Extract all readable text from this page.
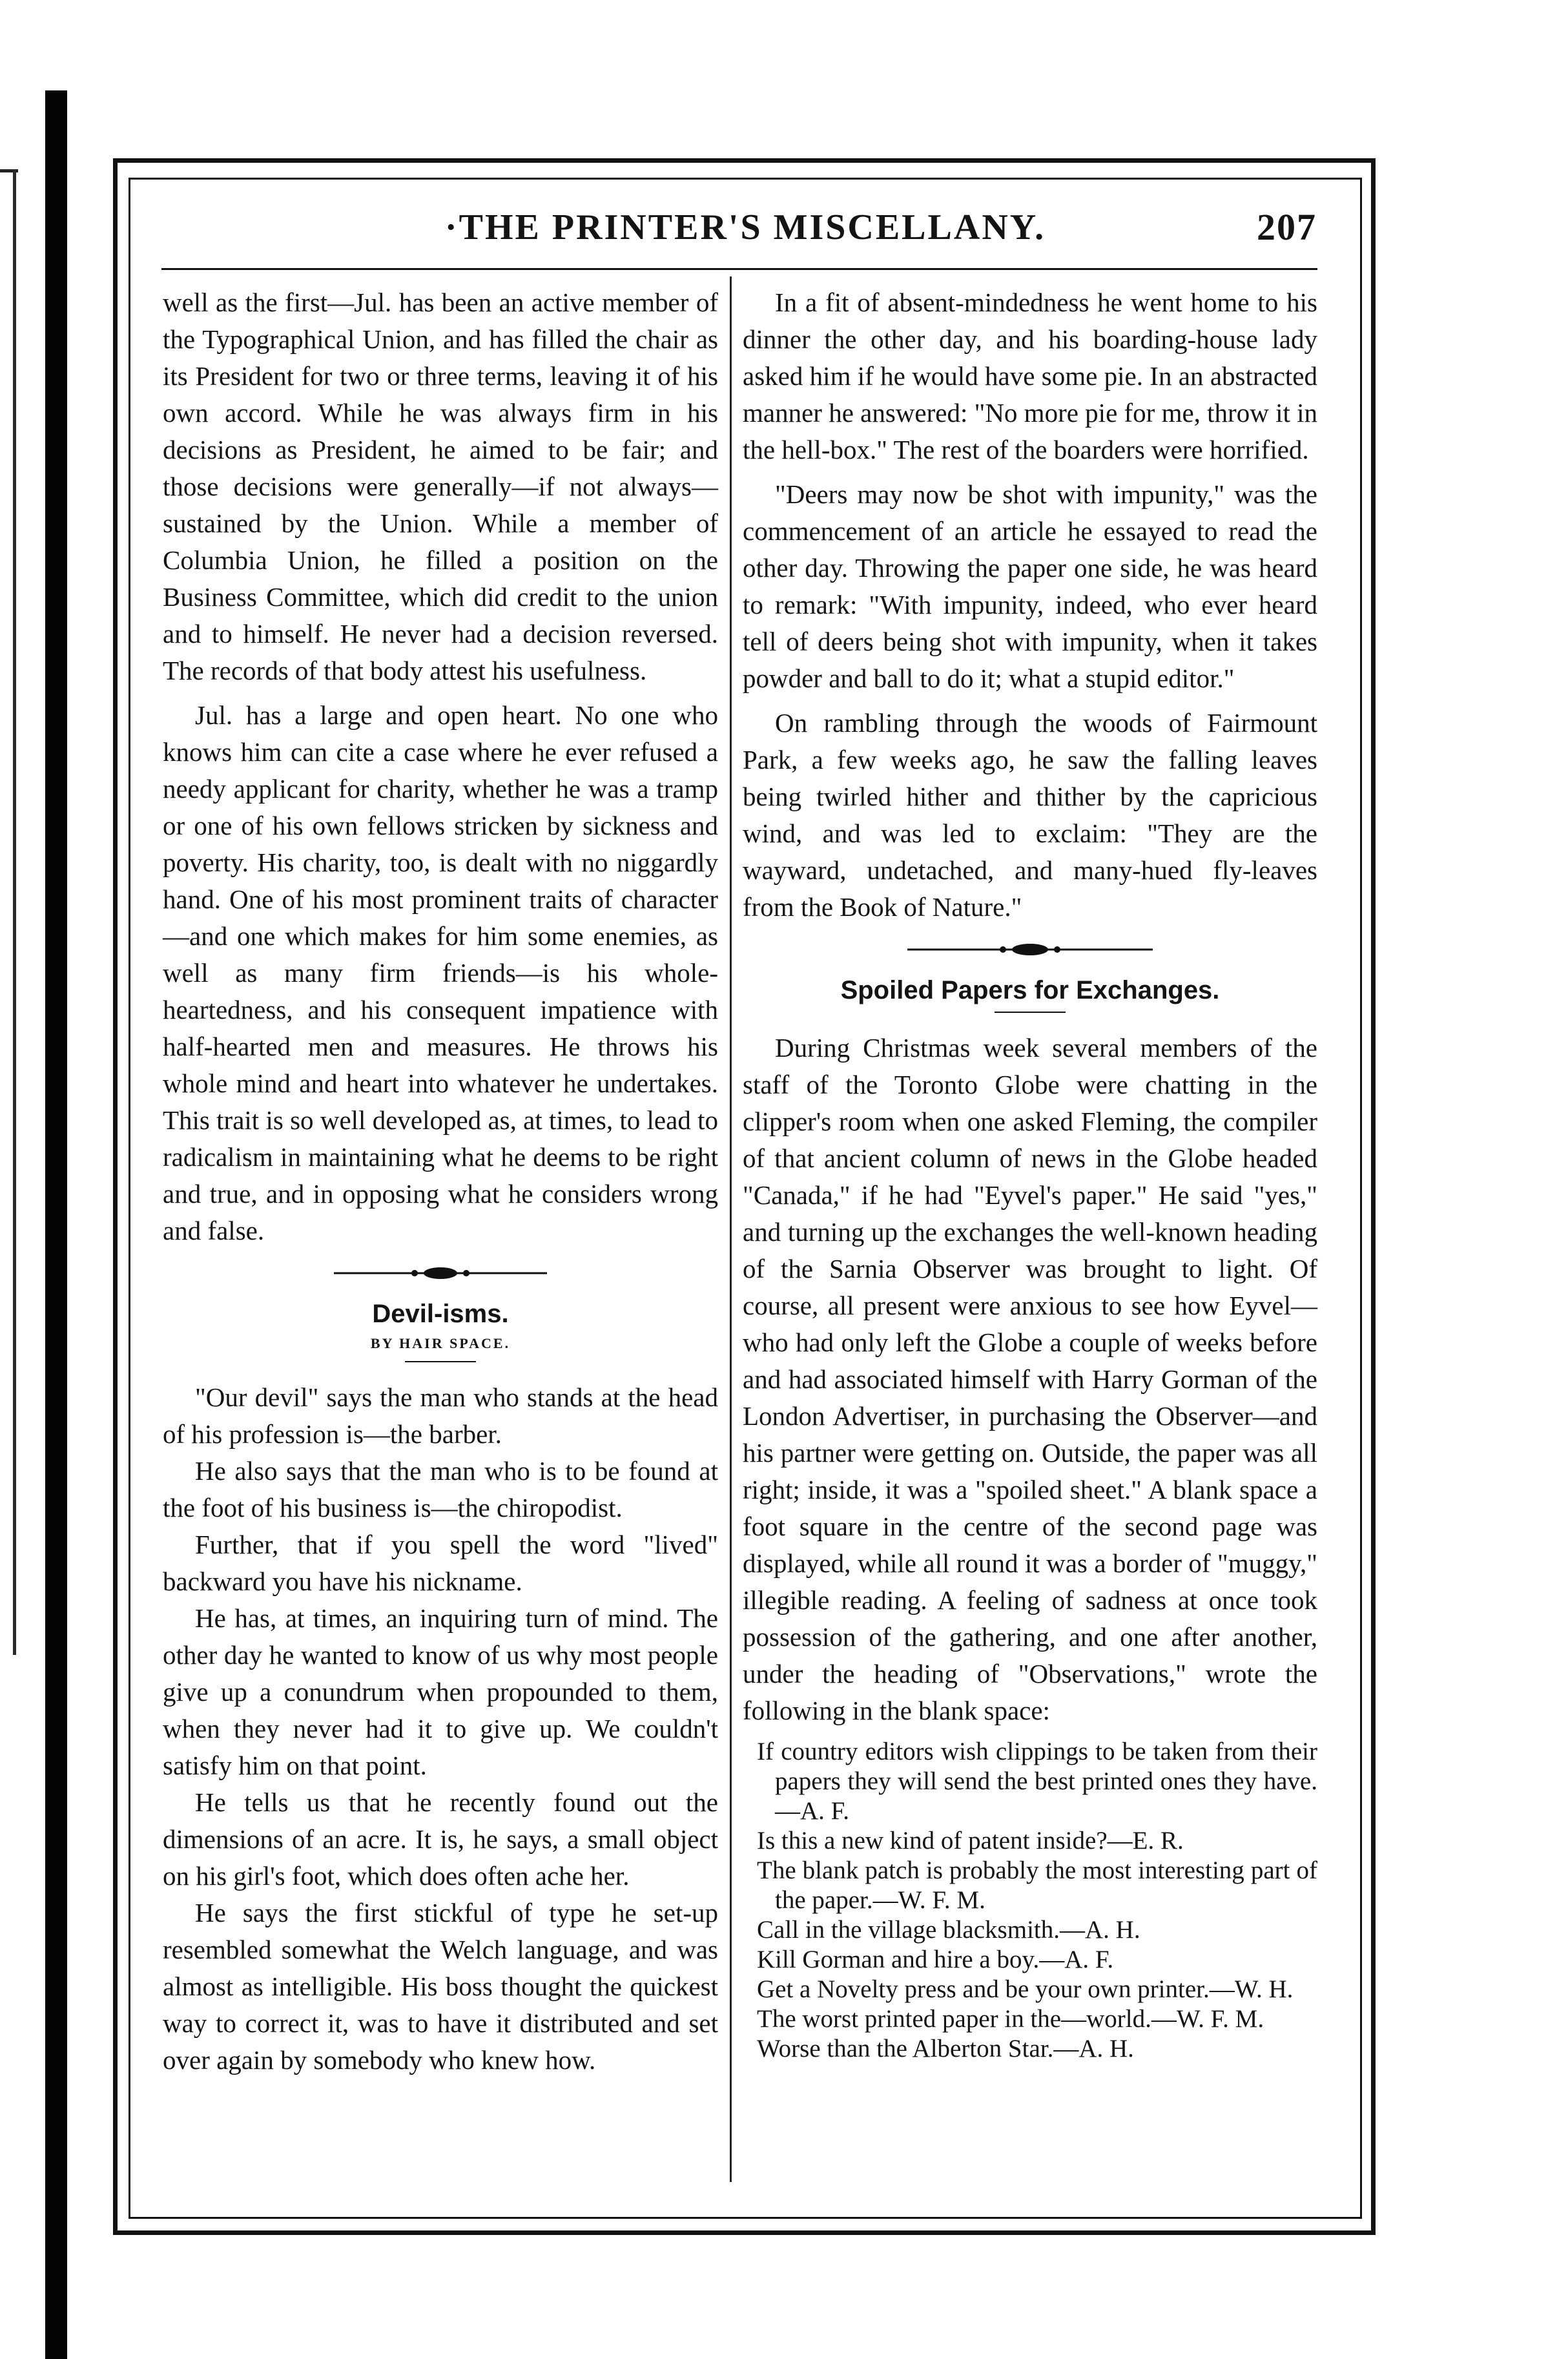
·THE PRINTER'S MISCELLANY.	207

well as the first—Jul. has been an active member of the Typographical Union, and has filled the chair as its President for two or three terms, leaving it of his own accord. While he was always firm in his decisions as President, he aimed to be fair; and those decisions were generally—if not always—sustained by the Union. While a member of Columbia Union, he filled a position on the Business Committee, which did credit to the union and to himself. He never had a decision reversed. The records of that body attest his usefulness.

Jul. has a large and open heart. No one who knows him can cite a case where he ever refused a needy applicant for charity, whether he was a tramp or one of his own fellows stricken by sickness and poverty. His charity, too, is dealt with no niggardly hand. One of his most prominent traits of character—and one which makes for him some enemies, as well as many firm friends—is his whole-heartedness, and his consequent impatience with half-hearted men and measures. He throws his whole mind and heart into whatever he undertakes. This trait is so well developed as, at times, to lead to radicalism in maintaining what he deems to be right and true, and in opposing what he considers wrong and false.

Devil-isms.
BY HAIR SPACE.

"Our devil" says the man who stands at the head of his profession is—the barber.

He also says that the man who is to be found at the foot of his business is—the chiropodist.

Further, that if you spell the word "lived" backward you have his nickname.

He has, at times, an inquiring turn of mind. The other day he wanted to know of us why most people give up a conundrum when propounded to them, when they never had it to give up. We couldn't satisfy him on that point.

He tells us that he recently found out the dimensions of an acre. It is, he says, a small object on his girl's foot, which does often ache her.

He says the first stickful of type he set-up resembled somewhat the Welch language, and was almost as intelligible. His boss thought the quickest way to correct it, was to have it distributed and set over again by somebody who knew how.

In a fit of absent-mindedness he went home to his dinner the other day, and his boarding-house lady asked him if he would have some pie. In an abstracted manner he answered: "No more pie for me, throw it in the hell-box." The rest of the boarders were horrified.

"Deers may now be shot with impunity," was the commencement of an article he essayed to read the other day. Throwing the paper one side, he was heard to remark: "With impunity, indeed, who ever heard tell of deers being shot with impunity, when it takes powder and ball to do it; what a stupid editor."

On rambling through the woods of Fairmount Park, a few weeks ago, he saw the falling leaves being twirled hither and thither by the capricious wind, and was led to exclaim: "They are the wayward, undetached, and many-hued fly-leaves from the Book of Nature."

Spoiled Papers for Exchanges.

During Christmas week several members of the staff of the Toronto Globe were chatting in the clipper's room when one asked Fleming, the compiler of that ancient column of news in the Globe headed "Canada," if he had "Eyvel's paper." He said "yes," and turning up the exchanges the well-known heading of the Sarnia Observer was brought to light. Of course, all present were anxious to see how Eyvel—who had only left the Globe a couple of weeks before and had associated himself with Harry Gorman of the London Advertiser, in purchasing the Observer—and his partner were getting on. Outside, the paper was all right; inside, it was a "spoiled sheet." A blank space a foot square in the centre of the second page was displayed, while all round it was a border of "muggy," illegible reading. A feeling of sadness at once took possession of the gathering, and one after another, under the heading of "Observations," wrote the following in the blank space:

If country editors wish clippings to be taken from their papers they will send the best printed ones they have.—A. F.

Is this a new kind of patent inside?—E. R.

The blank patch is probably the most interesting part of the paper.—W. F. M.

Call in the village blacksmith.—A. H.

Kill Gorman and hire a boy.—A. F.

Get a Novelty press and be your own printer.—W. H.

The worst printed paper in the—world.—W. F. M.

Worse than the Alberton Star.—A. H.
